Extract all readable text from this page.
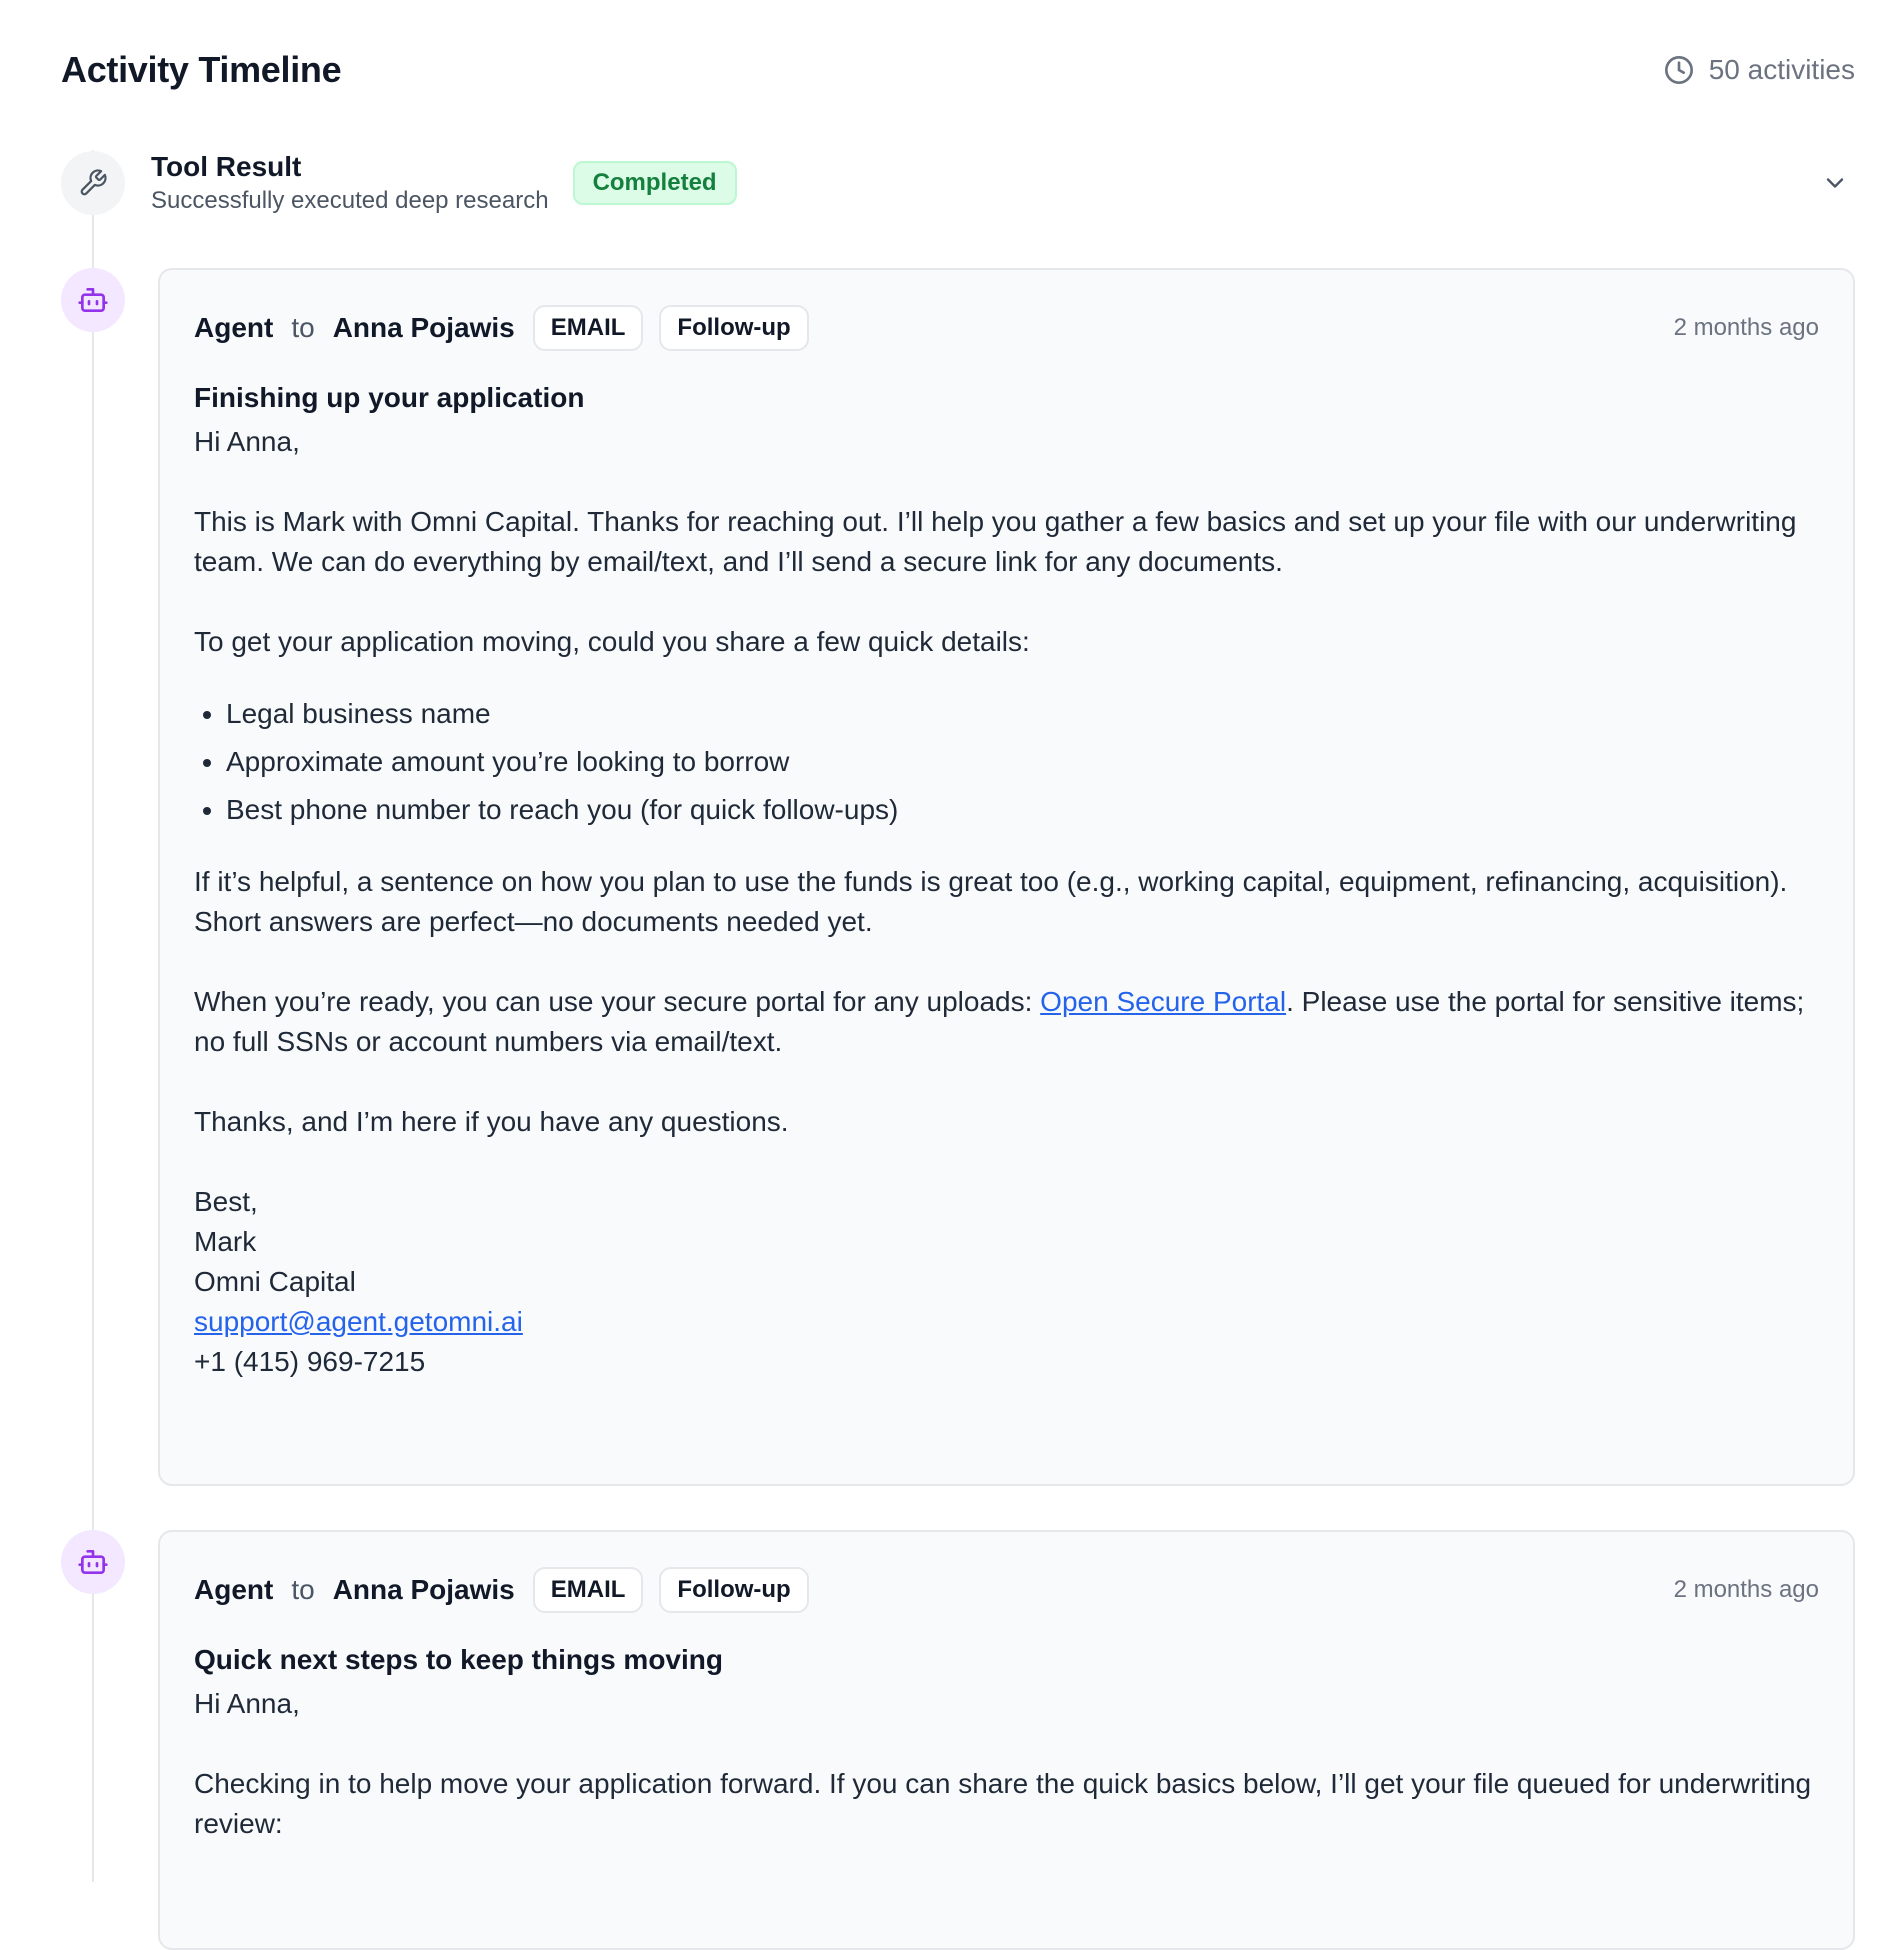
Activity Timeline	50 activities
Tool Result
Successfully executed deep research
Completed
Agent to Anna Pojawis	EMAIL	Follow-up	2 months ago
Finishing up your application

Hi Anna,

This is Mark with Omni Capital. Thanks for reaching out. I’ll help you gather a few basics and set up your file with our underwriting team. We can do everything by email/text, and I’ll send a secure link for any documents.

To get your application moving, could you share a few quick details:

• Legal business name
• Approximate amount you’re looking to borrow
• Best phone number to reach you (for quick follow-ups)

If it’s helpful, a sentence on how you plan to use the funds is great too (e.g., working capital, equipment, refinancing, acquisition). Short answers are perfect—no documents needed yet.

When you’re ready, you can use your secure portal for any uploads: Open Secure Portal. Please use the portal for sensitive items; no full SSNs or account numbers via email/text.

Thanks, and I’m here if you have any questions.

Best,

Mark

Omni Capital

support@agent.getomni.ai

+1 (415) 969-7215

Agent to Anna Pojawis	EMAIL	Follow-up	2 months ago
Quick next steps to keep things moving

Hi Anna,

Checking in to help move your application forward. If you can share the quick basics below, I’ll get your file queued for underwriting review:
